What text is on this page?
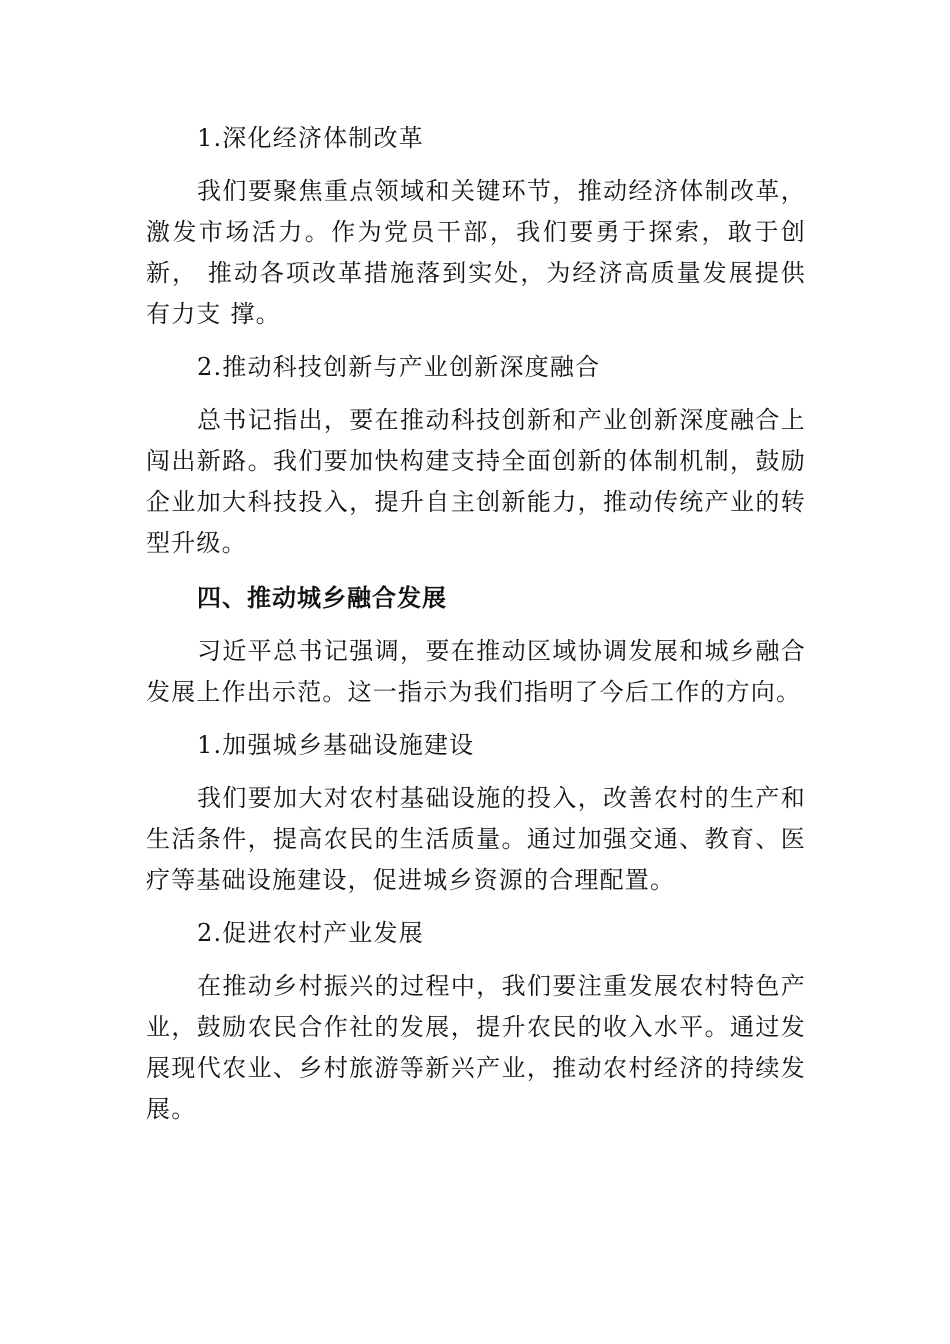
1.深化经济体制改革

我们要聚焦重点领域和关键环节，推动经济体制改革，激发市场活力。作为党员干部，我们要勇于探索，敢于创新， 推动各项改革措施落到实处，为经济高质量发展提供有力支 撑。

2.推动科技创新与产业创新深度融合

总书记指出，要在推动科技创新和产业创新深度融合上闯出新路。我们要加快构建支持全面创新的体制机制，鼓励企业加大科技投入，提升自主创新能力，推动传统产业的转型升级。

四、推动城乡融合发展

习近平总书记强调，要在推动区域协调发展和城乡融合发展上作出示范。这一指示为我们指明了今后工作的方向。

1.加强城乡基础设施建设

我们要加大对农村基础设施的投入，改善农村的生产和生活条件，提高农民的生活质量。通过加强交通、教育、医疗等基础设施建设，促进城乡资源的合理配置。

2.促进农村产业发展

在推动乡村振兴的过程中，我们要注重发展农村特色产业，鼓励农民合作社的发展，提升农民的收入水平。通过发展现代农业、乡村旅游等新兴产业，推动农村经济的持续发展。
